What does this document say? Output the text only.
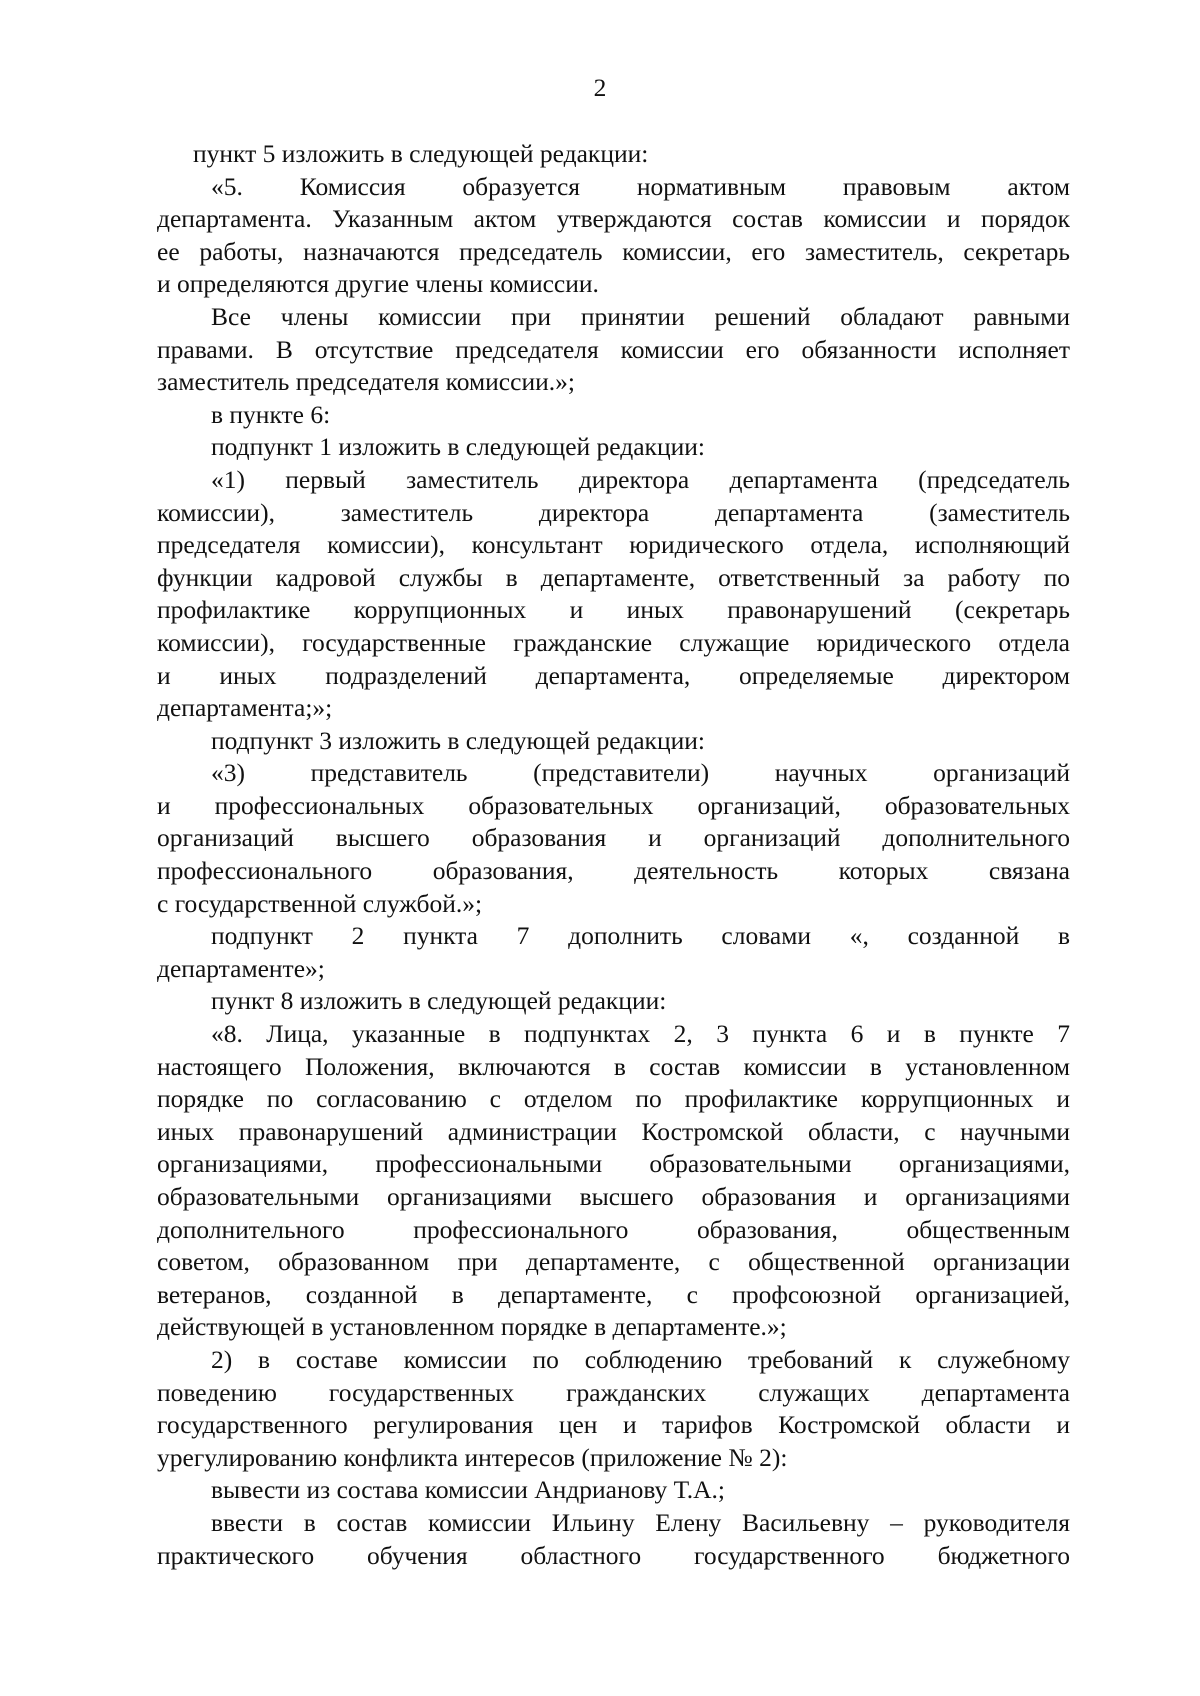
2
пункт 5 изложить в следующей редакции:
«5. Комиссия образуется нормативным правовым актом
департамента. Указанным актом утверждаются состав комиссии и порядок
ее работы, назначаются председатель комиссии, его заместитель, секретарь
и определяются другие члены комиссии.
Все члены комиссии при принятии решений обладают равными
правами. В отсутствие председателя комиссии его обязанности исполняет
заместитель председателя комиссии.»;
в пункте 6:
подпункт 1 изложить в следующей редакции:
«1) первый заместитель директора департамента (председатель
комиссии), заместитель директора департамента (заместитель
председателя комиссии), консультант юридического отдела, исполняющий
функции кадровой службы в департаменте, ответственный за работу по
профилактике коррупционных и иных правонарушений (секретарь
комиссии), государственные гражданские служащие юридического отдела
и иных подразделений департамента, определяемые директором
департамента;»;
подпункт 3 изложить в следующей редакции:
«3) представитель (представители) научных организаций
и профессиональных образовательных организаций, образовательных
организаций высшего образования и организаций дополнительного
профессионального образования, деятельность которых связана
с государственной службой.»;
подпункт 2 пункта 7 дополнить словами «, созданной в
департаменте»;
пункт 8 изложить в следующей редакции:
«8. Лица, указанные в подпунктах 2, 3 пункта 6 и в пункте 7
настоящего Положения, включаются в состав комиссии в установленном
порядке по согласованию с отделом по профилактике коррупционных и
иных правонарушений администрации Костромской области, с научными
организациями, профессиональными образовательными организациями,
образовательными организациями высшего образования и организациями
дополнительного профессионального образования, общественным
советом, образованном при департаменте, с общественной организации
ветеранов, созданной в департаменте, с профсоюзной организацией,
действующей в установленном порядке в департаменте.»;
2) в составе комиссии по соблюдению требований к служебному
поведению государственных гражданских служащих департамента
государственного регулирования цен и тарифов Костромской области и
урегулированию конфликта интересов (приложение № 2):
вывести из состава комиссии Андрианову Т.А.;
ввести в состав комиссии Ильину Елену Васильевну – руководителя
практического обучения областного государственного бюджетного
